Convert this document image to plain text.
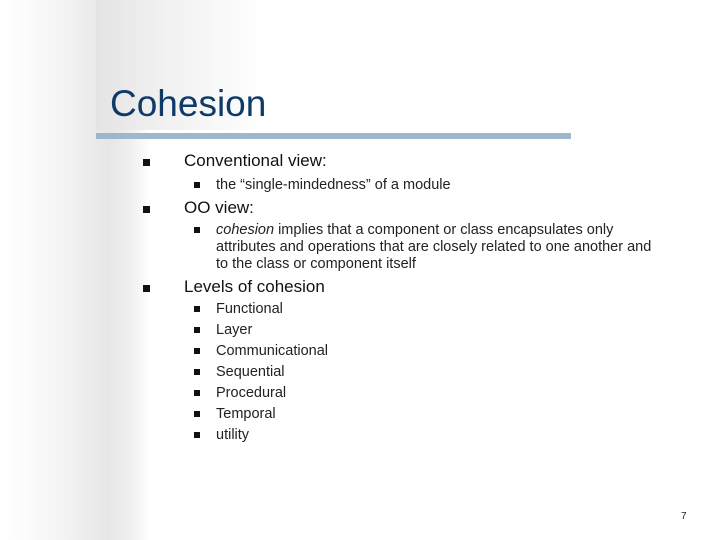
Cohesion
Conventional view:
the “single-mindedness” of a module
OO view:
cohesion implies that a component or class encapsulates only attributes and operations that are closely related to one another and to the class or component itself
Levels of cohesion
Functional
Layer
Communicational
Sequential
Procedural
Temporal
utility
7
